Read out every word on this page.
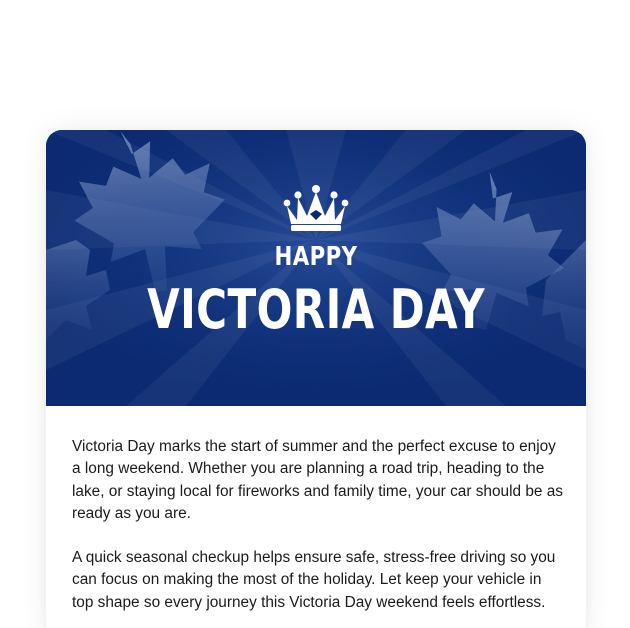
HAPPY
VICTORIA DAY

Victoria Day marks the start of summer and the perfect excuse to enjoy a long weekend. Whether you are planning a road trip, heading to the lake, or staying local for fireworks and family time, your car should be as ready as you are.

A quick seasonal checkup helps ensure safe, stress-free driving so you can focus on making the most of the holiday. Let keep your vehicle in top shape so every journey this Victoria Day weekend feels effortless.
